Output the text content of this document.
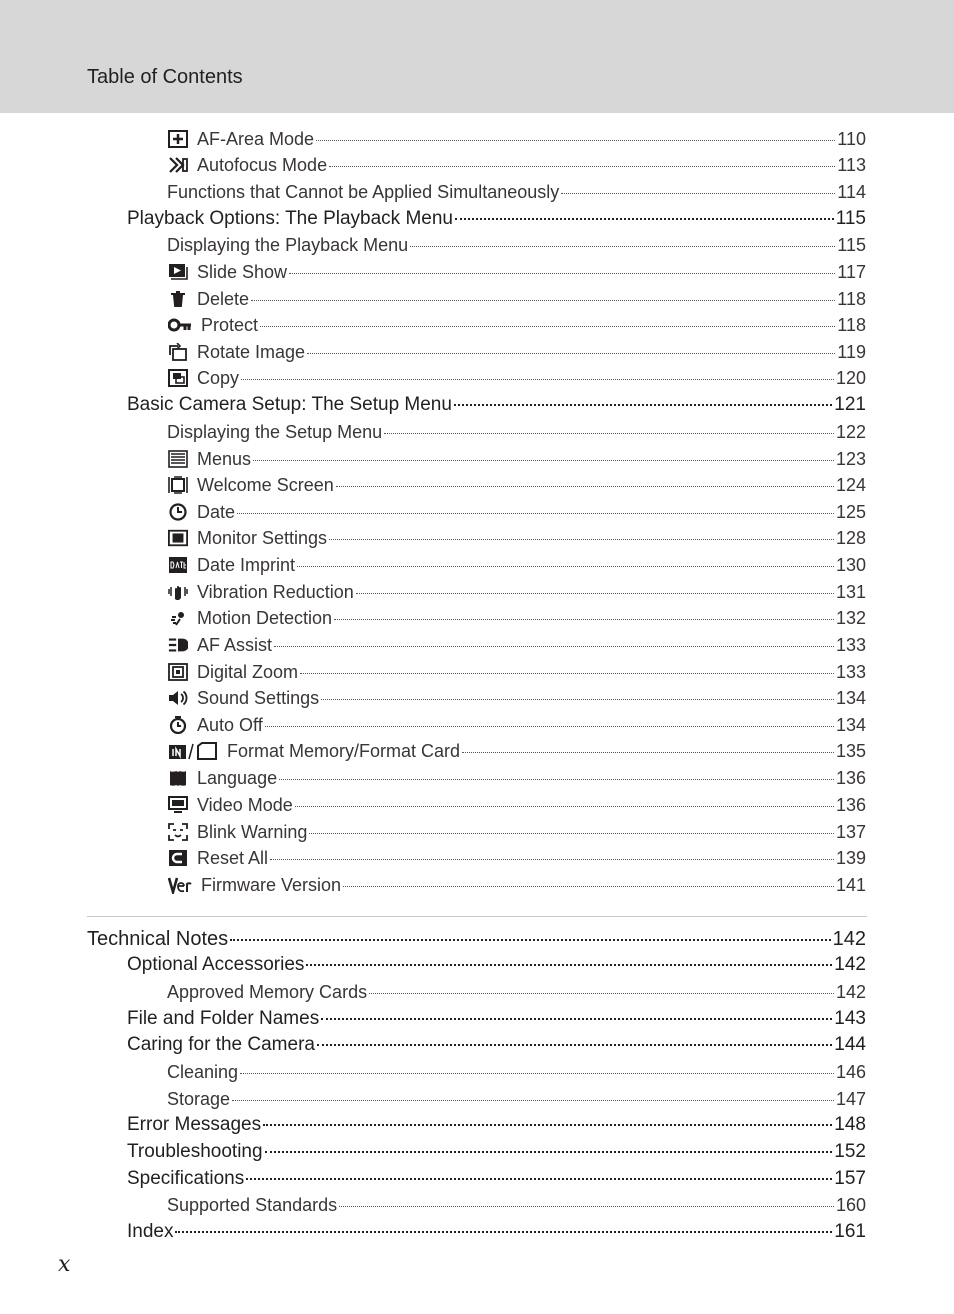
Table of Contents
AF-Area Mode	110
Autofocus Mode	113
Functions that Cannot be Applied Simultaneously	114
Playback Options: The Playback Menu	115
Displaying the Playback Menu	115
Slide Show	117
Delete	118
Protect	118
Rotate Image	119
Copy	120
Basic Camera Setup: The Setup Menu	121
Displaying the Setup Menu	122
Menus	123
Welcome Screen	124
Date	125
Monitor Settings	128
Date Imprint	130
Vibration Reduction	131
Motion Detection	132
AF Assist	133
Digital Zoom	133
Sound Settings	134
Auto Off	134
Format Memory/Format Card	135
Language	136
Video Mode	136
Blink Warning	137
Reset All	139
Firmware Version	141
Technical Notes	142
Optional Accessories	142
Approved Memory Cards	142
File and Folder Names	143
Caring for the Camera	144
Cleaning	146
Storage	147
Error Messages	148
Troubleshooting	152
Specifications	157
Supported Standards	160
Index	161
x
